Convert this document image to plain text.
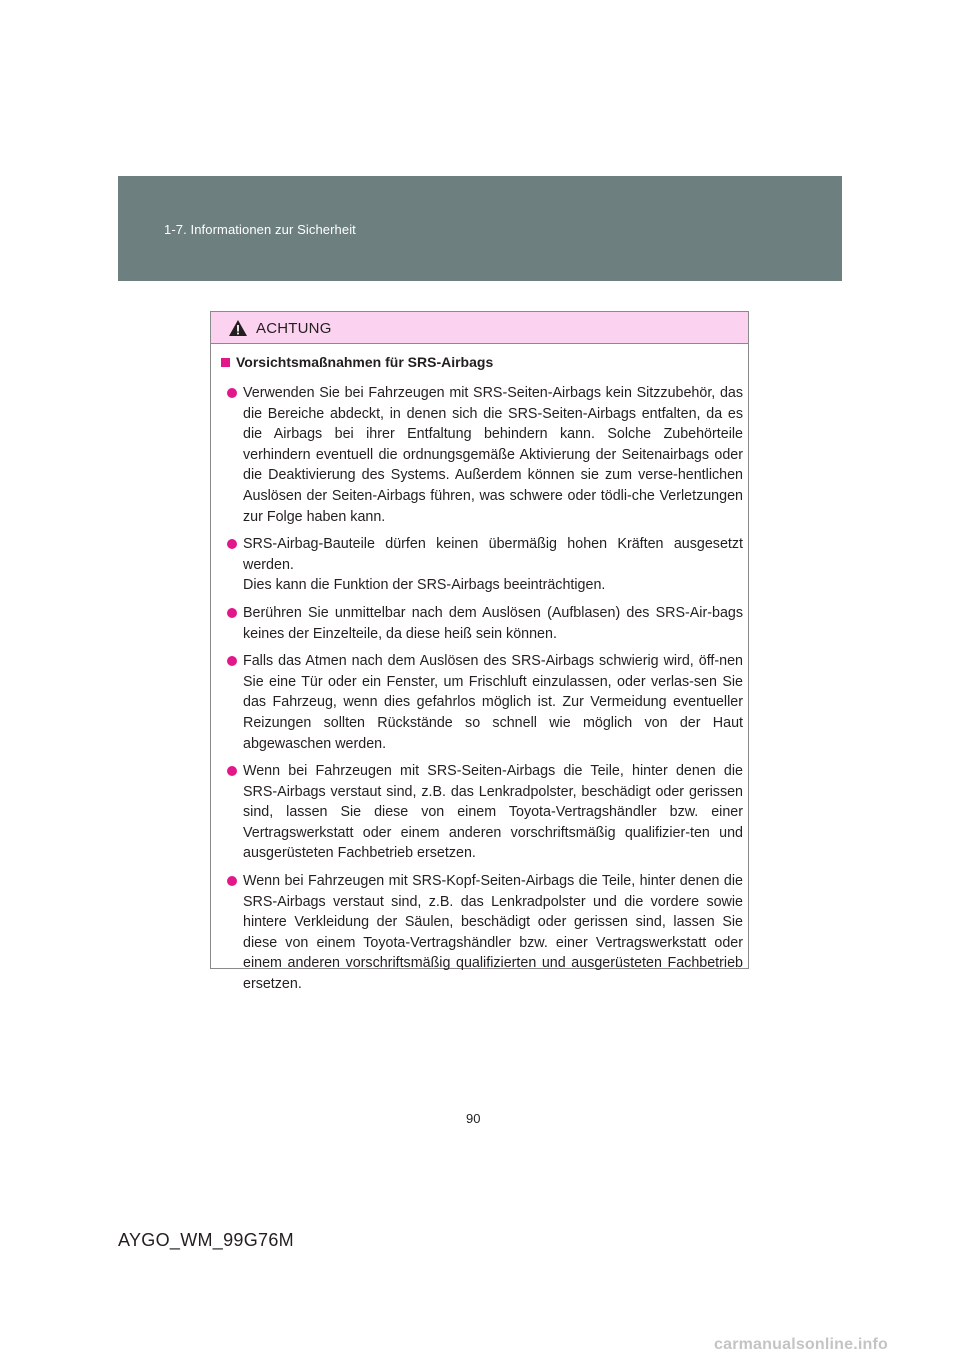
1-7. Informationen zur Sicherheit
ACHTUNG
Vorsichtsmaßnahmen für SRS-Airbags

Verwenden Sie bei Fahrzeugen mit SRS-Seiten-Airbags kein Sitzzubehör, das die Bereiche abdeckt, in denen sich die SRS-Seiten-Airbags entfalten, da es die Airbags bei ihrer Entfaltung behindern kann. Solche Zubehörteile verhindern eventuell die ordnungsgemäße Aktivierung der Seitenairbags oder die Deaktivierung des Systems. Außerdem können sie zum verse-hentlichen Auslösen der Seiten-Airbags führen, was schwere oder tödli-che Verletzungen zur Folge haben kann.

SRS-Airbag-Bauteile dürfen keinen übermäßig hohen Kräften ausgesetzt werden.

Dies kann die Funktion der SRS-Airbags beeinträchtigen.

Berühren Sie unmittelbar nach dem Auslösen (Aufblasen) des SRS-Air-bags keines der Einzelteile, da diese heiß sein können.

Falls das Atmen nach dem Auslösen des SRS-Airbags schwierig wird, öff-nen Sie eine Tür oder ein Fenster, um Frischluft einzulassen, oder verlas-sen Sie das Fahrzeug, wenn dies gefahrlos möglich ist. Zur Vermeidung eventueller Reizungen sollten Rückstände so schnell wie möglich von der Haut abgewaschen werden.

Wenn bei Fahrzeugen mit SRS-Seiten-Airbags die Teile, hinter denen die SRS-Airbags verstaut sind, z.B. das Lenkradpolster, beschädigt oder gerissen sind, lassen Sie diese von einem Toyota-Vertragshändler bzw. einer Vertragswerkstatt oder einem anderen vorschriftsmäßig qualifizier-ten und ausgerüsteten Fachbetrieb ersetzen.

Wenn bei Fahrzeugen mit SRS-Kopf-Seiten-Airbags die Teile, hinter denen die SRS-Airbags verstaut sind, z.B. das Lenkradpolster und die vordere sowie hintere Verkleidung der Säulen, beschädigt oder gerissen sind, lassen Sie diese von einem Toyota-Vertragshändler bzw. einer Vertragswerkstatt oder einem anderen vorschriftsmäßig qualifizierten und ausgerüsteten Fachbetrieb ersetzen.

90
AYGO_WM_99G76M
carmanualsonline.info
